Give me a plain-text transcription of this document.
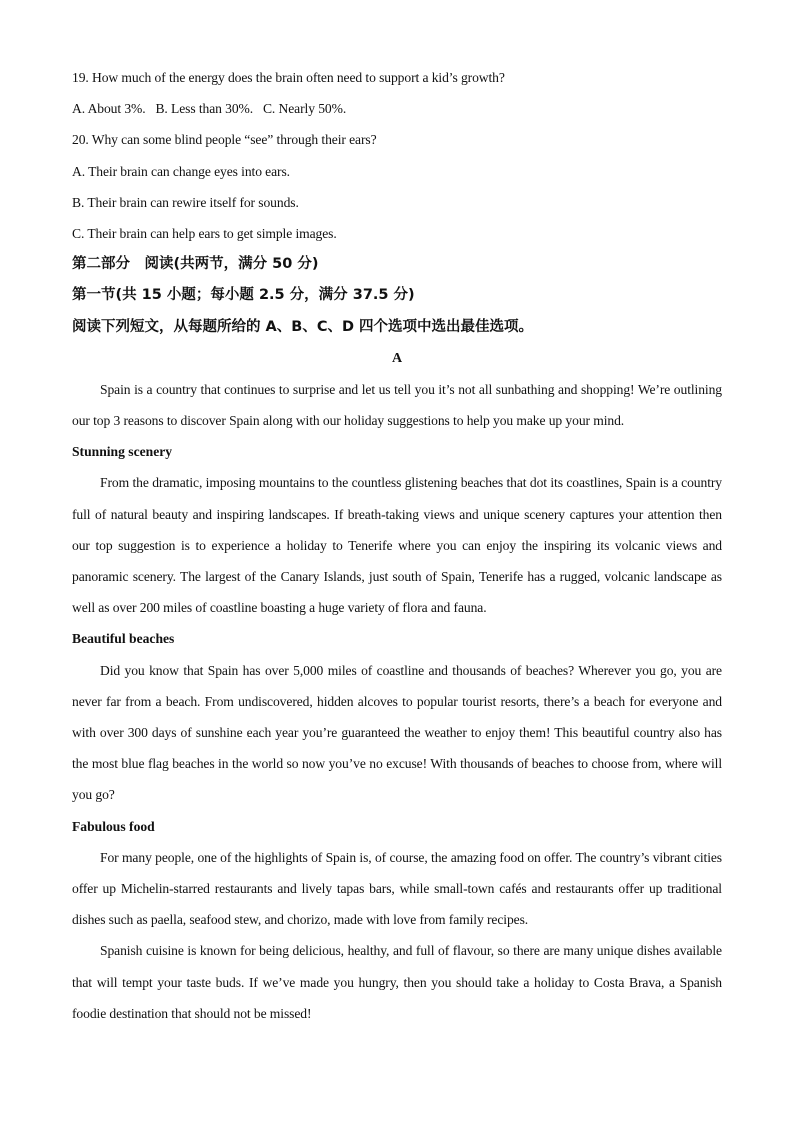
19. How much of the energy does the brain often need to support a kid’s growth?
A. About 3%.   B. Less than 30%.   C. Nearly 50%.
20. Why can some blind people “see” through their ears?
A. Their brain can change eyes into ears.
B. Their brain can rewire itself for sounds.
C. Their brain can help ears to get simple images.
第二部分　阅读(共两节，满分 50 分)
第一节(共 15 小题；每小题 2.5 分，满分 37.5 分)
阅读下列短文，从每题所给的 A、B、C、D 四个选项中选出最佳选项。
A

Spain is a country that continues to surprise and let us tell you it’s not all sunbathing and shopping! We’re outlining our top 3 reasons to discover Spain along with our holiday suggestions to help you make up your mind.

Stunning scenery

From the dramatic, imposing mountains to the countless glistening beaches that dot its coastlines, Spain is a country full of natural beauty and inspiring landscapes. If breath-taking views and unique scenery captures your attention then our top suggestion is to experience a holiday to Tenerife where you can enjoy the inspiring its volcanic views and panoramic scenery. The largest of the Canary Islands, just south of Spain, Tenerife has a rugged, volcanic landscape as well as over 200 miles of coastline boasting a huge variety of flora and fauna.

Beautiful beaches

Did you know that Spain has over 5,000 miles of coastline and thousands of beaches? Wherever you go, you are never far from a beach. From undiscovered, hidden alcoves to popular tourist resorts, there’s a beach for everyone and with over 300 days of sunshine each year you’re guaranteed the weather to enjoy them! This beautiful country also has the most blue flag beaches in the world so now you’ve no excuse! With thousands of beaches to choose from, where will you go?

Fabulous food

For many people, one of the highlights of Spain is, of course, the amazing food on offer. The country’s vibrant cities offer up Michelin-starred restaurants and lively tapas bars, while small-town cafés and restaurants offer up traditional dishes such as paella, seafood stew, and chorizo, made with love from family recipes.

Spanish cuisine is known for being delicious, healthy, and full of flavour, so there are many unique dishes available that will tempt your taste buds. If we’ve made you hungry, then you should take a holiday to Costa Brava, a Spanish foodie destination that should not be missed!
